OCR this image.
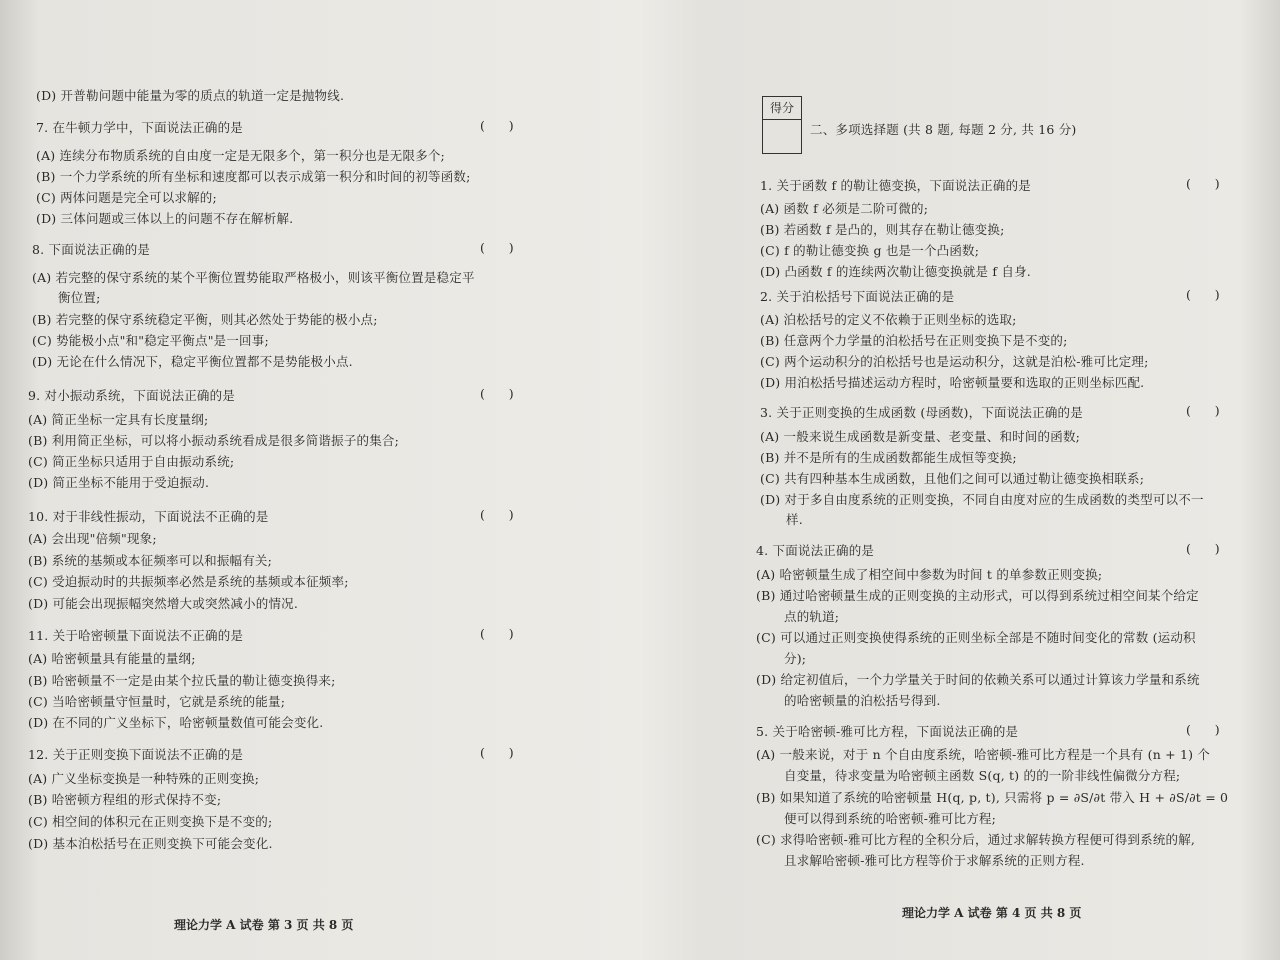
(D) 开普勒问题中能量为零的质点的轨道一定是抛物线.
7. 在牛顿力学中，下面说法正确的是	(      )
(A) 连续分布物质系统的自由度一定是无限多个，第一积分也是无限多个;
(B) 一个力学系统的所有坐标和速度都可以表示成第一积分和时间的初等函数;
(C) 两体问题是完全可以求解的;
(D) 三体问题或三体以上的问题不存在解析解.
8. 下面说法正确的是	(      )
(A) 若完整的保守系统的某个平衡位置势能取严格极小，则该平衡位置是稳定平
衡位置;
(B) 若完整的保守系统稳定平衡，则其必然处于势能的极小点;
(C) 势能极小点"和"稳定平衡点"是一回事;
(D) 无论在什么情况下，稳定平衡位置都不是势能极小点.
9. 对小振动系统，下面说法正确的是	(      )
(A) 简正坐标一定具有长度量纲;
(B) 利用简正坐标，可以将小振动系统看成是很多简谐振子的集合;
(C) 简正坐标只适用于自由振动系统;
(D) 简正坐标不能用于受迫振动.
10. 对于非线性振动，下面说法不正确的是	(      )
(A) 会出现"倍频"现象;
(B) 系统的基频或本征频率可以和振幅有关;
(C) 受迫振动时的共振频率必然是系统的基频或本征频率;
(D) 可能会出现振幅突然增大或突然减小的情况.
11. 关于哈密顿量下面说法不正确的是	(      )
(A) 哈密顿量具有能量的量纲;
(B) 哈密顿量不一定是由某个拉氏量的勒让德变换得来;
(C) 当哈密顿量守恒量时，它就是系统的能量;
(D) 在不同的广义坐标下，哈密顿量数值可能会变化.
12. 关于正则变换下面说法不正确的是	(      )
(A) 广义坐标变换是一种特殊的正则变换;
(B) 哈密顿方程组的形式保持不变;
(C) 相空间的体积元在正则变换下是不变的;
(D) 基本泊松括号在正则变换下可能会变化.
1. 关于函数 f 的勒让德变换，下面说法正确的是	(      )
(A) 函数 f 必须是二阶可微的;
(B) 若函数 f 是凸的，则其存在勒让德变换;
(C) f 的勒让德变换 g 也是一个凸函数;
(D) 凸函数 f 的连续两次勒让德变换就是 f 自身.
2. 关于泊松括号下面说法正确的是	(      )
(A) 泊松括号的定义不依赖于正则坐标的选取;
(B) 任意两个力学量的泊松括号在正则变换下是不变的;
(C) 两个运动积分的泊松括号也是运动积分，这就是泊松-雅可比定理;
(D) 用泊松括号描述运动方程时，哈密顿量要和选取的正则坐标匹配.
3. 关于正则变换的生成函数 (母函数)，下面说法正确的是	(      )
(A) 一般来说生成函数是新变量、老变量、和时间的函数;
(B) 并不是所有的生成函数都能生成恒等变换;
(C) 共有四种基本生成函数，且他们之间可以通过勒让德变换相联系;
(D) 对于多自由度系统的正则变换，不同自由度对应的生成函数的类型可以不一
样.
4. 下面说法正确的是	(      )
(A) 哈密顿量生成了相空间中参数为时间 t 的单参数正则变换;
(B) 通过哈密顿量生成的正则变换的主动形式，可以得到系统过相空间某个给定
点的轨道;
(C) 可以通过正则变换使得系统的正则坐标全部是不随时间变化的常数 (运动积
分);
(D) 给定初值后，一个力学量关于时间的依赖关系可以通过计算该力学量和系统
的哈密顿量的泊松括号得到.
5. 关于哈密顿-雅可比方程，下面说法正确的是	(      )
(A) 一般来说，对于 n 个自由度系统，哈密顿-雅可比方程是一个具有 (n + 1) 个
自变量，待求变量为哈密顿主函数 S(q, t) 的的一阶非线性偏微分方程;
(B) 如果知道了系统的哈密顿量 H(q, p, t), 只需将 p = ∂S/∂t 带入 H + ∂S/∂t = 0
便可以得到系统的哈密顿-雅可比方程;
(C) 求得哈密顿-雅可比方程的全积分后，通过求解转换方程便可得到系统的解,
且求解哈密顿-雅可比方程等价于求解系统的正则方程.
得分
二、多项选择题 (共 8 题, 每题 2 分, 共 16 分)
理论力学 A 试卷 第 3 页 共 8 页
理论力学 A 试卷 第 4 页 共 8 页
